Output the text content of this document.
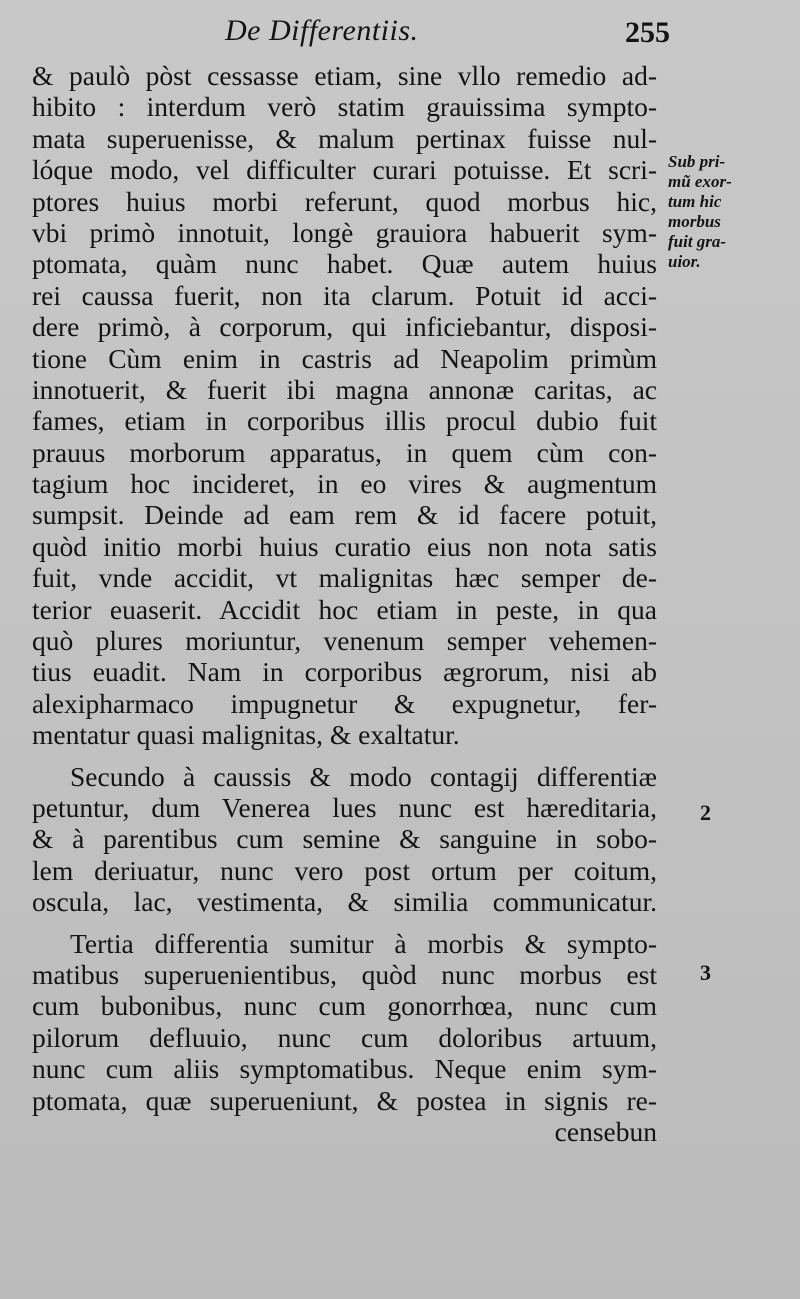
De Differentiis.	255
& paulò pòst cessasse etiam, sine vllo remedio ad-
hibito : interdum verò statim grauissima sympto-
mata superuenisse, & malum pertinax fuisse nul-
lóque modo, vel difficulter curari potuisse. Et scri-
ptores huius morbi referunt, quod morbus hic,
vbi primò innotuit, longè grauiora habuerit sym-
ptomata, quàm nunc habet. Quæ autem huius
rei caussa fuerit, non ita clarum. Potuit id acci-
dere primò, à corporum, qui inficiebantur, disposi-
tione Cùm enim in castris ad Neapolim primùm
innotuerit, & fuerit ibi magna annonæ caritas, ac
fames, etiam in corporibus illis procul dubio fuit
prauus morborum apparatus, in quem cùm con-
tagium hoc incideret, in eo vires & augmentum
sumpsit. Deinde ad eam rem & id facere potuit,
quòd initio morbi huius curatio eius non nota satis
fuit, vnde accidit, vt malignitas hæc semper de-
terior euaserit. Accidit hoc etiam in peste, in qua
quò plures moriuntur, venenum semper vehemen-
tius euadit. Nam in corporibus ægrorum, nisi ab
alexipharmaco impugnetur & expugnetur, fer-
mentatur quasi malignitas, & exaltatur.
Secundo à caussis & modo contagij differentiæ
petuntur, dum Venerea lues nunc est hæreditaria,
& à parentibus cum semine & sanguine in sobo-
lem deriuatur, nunc vero post ortum per coitum,
oscula, lac, vestimenta, & similia communicatur.
Tertia differentia sumitur à morbis & sympto-
matibus superuenientibus, quòd nunc morbus est
cum bubonibus, nunc cum gonorrhœa, nunc cum
pilorum defluuio, nunc cum doloribus artuum,
nunc cum aliis symptomatibus. Neque enim sym-
ptomata, quæ superueniunt, & postea in signis re-
censebun
Sub pri-
mũ exor-
tum hic
morbus
fuit gra-
uior.
2
3
